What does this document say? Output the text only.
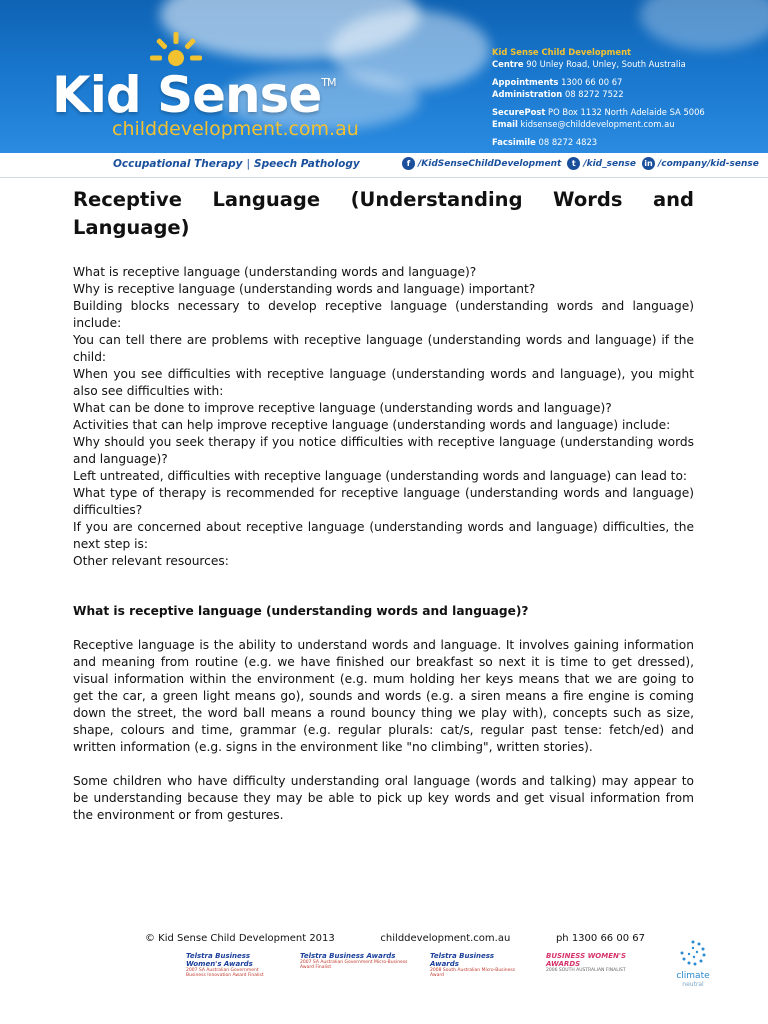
Kid Sense™
childdevelopment.com.au
Kid Sense Child Development
Centre 90 Unley Road, Unley, South Australia
Appointments 1300 66 00 67
Administration 08 8272 7522
SecurePost PO Box 1132 North Adelaide SA 5006
Email kidsense@childdevelopment.com.au
Facsimile 08 8272 4823
Occupational Therapy | Speech Pathology	f /KidSenseChildDevelopment	t /kid_sense in /company/kid-sense
Receptive Language (Understanding Words and Language)

What is receptive language (understanding words and language)?

Why is receptive language (understanding words and language) important?

Building blocks necessary to develop receptive language (understanding words and language) include:

You can tell there are problems with receptive language (understanding words and language) if the child:

When you see difficulties with receptive language (understanding words and language), you might also see difficulties with:

What can be done to improve receptive language (understanding words and language)?

Activities that can help improve receptive language (understanding words and language) include:

Why should you seek therapy if you notice difficulties with receptive language (understanding words and language)?

Left untreated, difficulties with receptive language (understanding words and language) can lead to:

What type of therapy is recommended for receptive language (understanding words and language) difficulties?

If you are concerned about receptive language (understanding words and language) difficulties, the next step is:

Other relevant resources:

What is receptive language (understanding words and language)?
Receptive language is the ability to understand words and language. It involves gaining information and meaning from routine (e.g. we have finished our breakfast so next it is time to get dressed), visual information within the environment (e.g. mum holding her keys means that we are going to get the car, a green light means go), sounds and words (e.g. a siren means a fire engine is coming down the street, the word ball means a round bouncy thing we play with), concepts such as size, shape, colours and time, grammar (e.g. regular plurals: cat/s, regular past tense: fetch/ed) and written information (e.g. signs in the environment like "no climbing", written stories).
Some children who have difficulty understanding oral language (words and talking) may appear to be understanding because they may be able to pick up key words and get visual information from the environment or from gestures.
© Kid Sense Child Development 2013	childdevelopment.com.au	ph 1300 66 00 67
Telstra Business Women's Awards
2007 SA Australian Government Business Innovation Award Finalist
Telstra Business Awards
2007 SA Australian Government Micro-Business Award Finalist
Telstra Business Awards
2008 South Australian Micro-Business Award
BUSINESS WOMEN'S AWARDS
2006 SOUTH AUSTRALIAN FINALIST
climate
neutral
